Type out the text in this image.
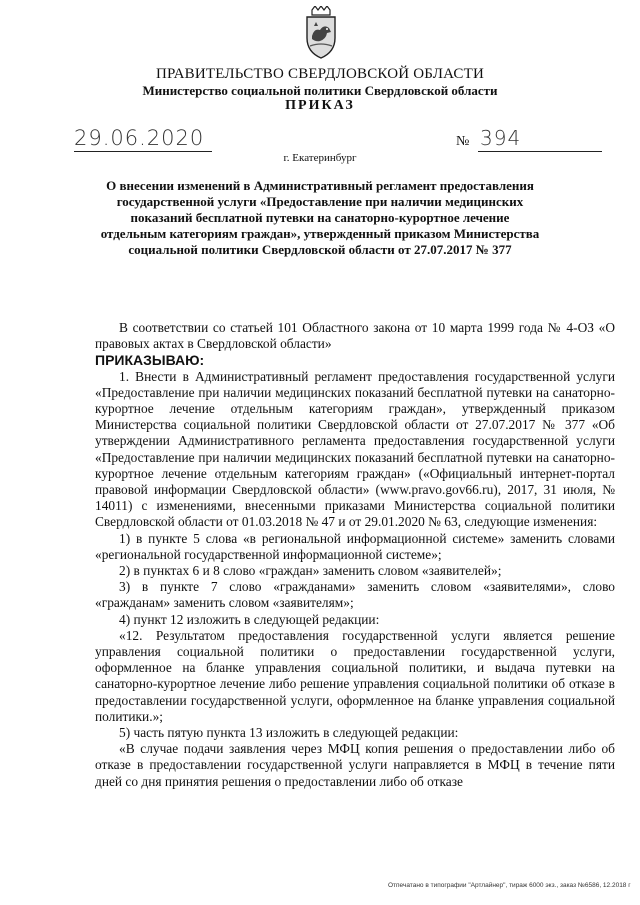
ПРАВИТЕЛЬСТВО СВЕРДЛОВСКОЙ ОБЛАСТИ
Министерство социальной политики Свердловской области
ПРИКАЗ
29.06.2020	№ 394
г. Екатеринбург
О внесении изменений в Административный регламент предоставления государственной услуги «Предоставление при наличии медицинских показаний бесплатной путевки на санаторно-курортное лечение отдельным категориям граждан», утвержденный приказом Министерства социальной политики Свердловской области от 27.07.2017 № 377

В соответствии со статьей 101 Областного закона от 10 марта 1999 года № 4-ОЗ «О правовых актах в Свердловской области»

ПРИКАЗЫВАЮ:

1. Внести в Административный регламент предоставления государственной услуги «Предоставление при наличии медицинских показаний бесплатной путевки на санаторно-курортное лечение отдельным категориям граждан», утвержденный приказом Министерства социальной политики Свердловской области от 27.07.2017 № 377 «Об утверждении Административного регламента предоставления государственной услуги «Предоставление при наличии медицинских показаний бесплатной путевки на санаторно-курортное лечение отдельным категориям граждан» («Официальный интернет-портал правовой информации Свердловской области» (www.pravo.gov66.ru), 2017, 31 июля, № 14011) с изменениями, внесенными приказами Министерства социальной политики Свердловской области от 01.03.2018 № 47 и от 29.01.2020 № 63, следующие изменения:

1) в пункте 5 слова «в региональной информационной системе» заменить словами «региональной государственной информационной системе»;

2) в пунктах 6 и 8 слово «граждан» заменить словом «заявителей»;

3) в пункте 7 слово «гражданами» заменить словом «заявителями», слово «гражданам» заменить словом «заявителям»;

4) пункт 12 изложить в следующей редакции:

«12. Результатом предоставления государственной услуги является решение управления социальной политики о предоставлении государственной услуги, оформленное на бланке управления социальной политики, и выдача путевки на санаторно-курортное лечение либо решение управления социальной политики об отказе в предоставлении государственной услуги, оформленное на бланке управления социальной политики.»;

5) часть пятую пункта 13 изложить в следующей редакции:

«В случае подачи заявления через МФЦ копия решения о предоставлении либо об отказе в предоставлении государственной услуги направляется в МФЦ в течение пяти дней со дня принятия решения о предоставлении либо об отказе

Отпечатано в типографии "Артлайнер", тираж 6000 экз., заказ №6586, 12.2018 г
